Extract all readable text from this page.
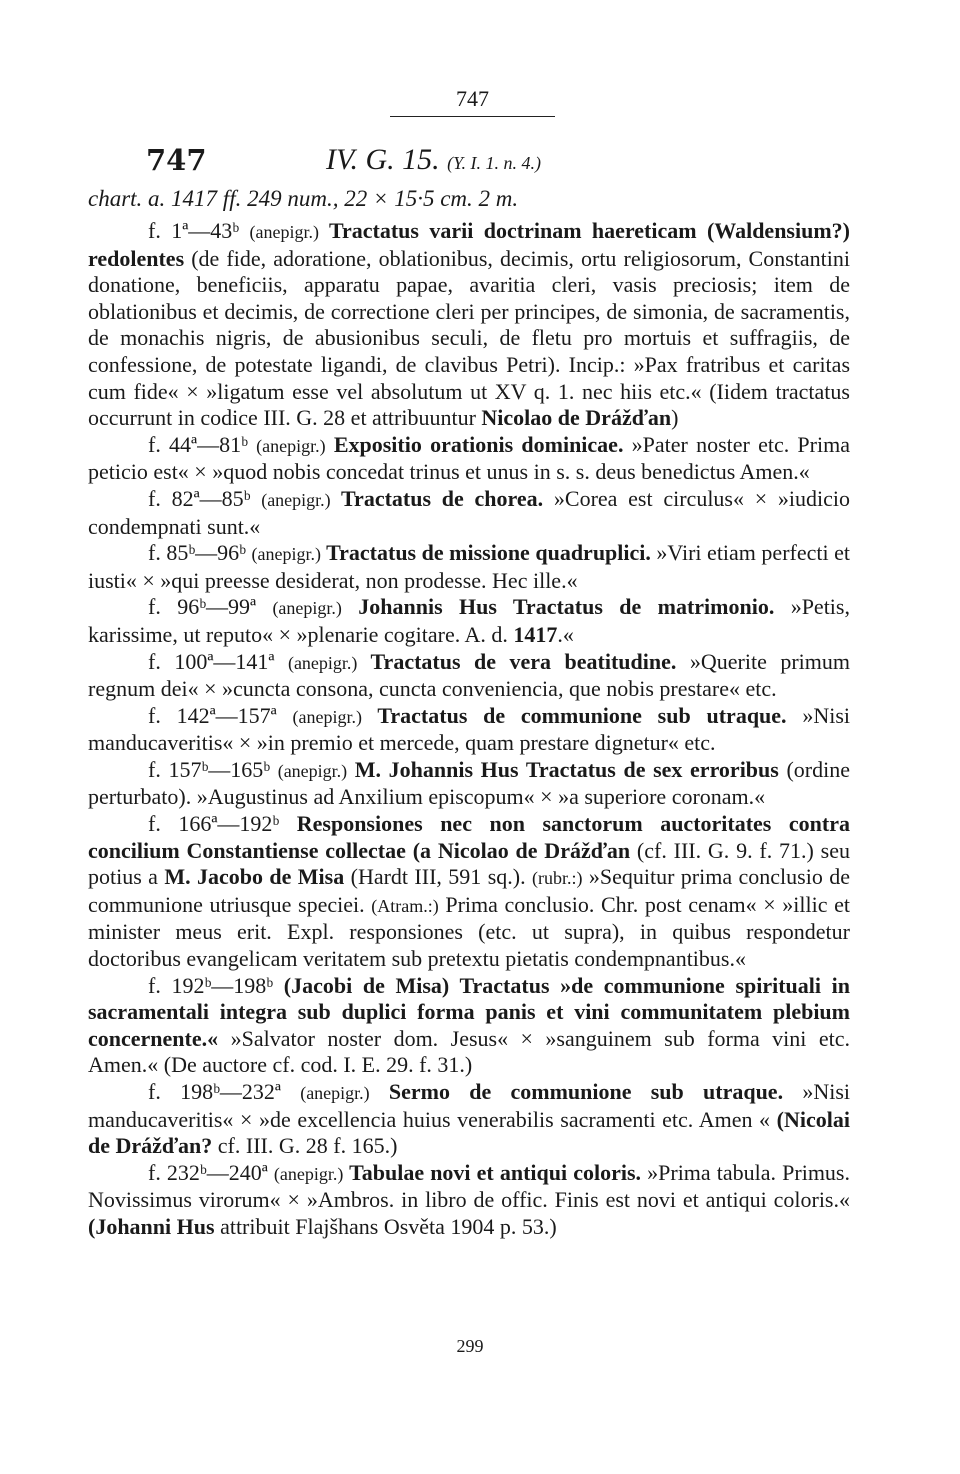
747
747	IV. G. 15. (Y. I. 1. n. 4.)
chart. a. 1417 ff. 249 num., 22 × 15·5 cm. 2 m.

f. 1ª—43ᵇ (anepigr.) Tractatus varii doctrinam haereticam (Waldensium?) redolentes (de fide, adoratione, oblationibus, decimis, ortu religiosorum, Constantini donatione, beneficiis, apparatu papae, avaritia cleri, vasis preciosis; item de oblationibus et decimis, de correctione cleri per principes, de simonia, de sacramentis, de monachis nigris, de abusionibus seculi, de fletu pro mortuis et suffragiis, de confessione, de potestate ligandi, de clavibus Petri). Incip.: »Pax fratribus et caritas cum fide« × »ligatum esse vel absolutum ut XV q. 1. nec hiis etc.« (Iidem tractatus occurrunt in codice III. G. 28 et attribuuntur Nicolao de Drážďan)

f. 44ª—81ᵇ (anepigr.) Expositio orationis dominicae. »Pater noster etc. Prima peticio est« × »quod nobis concedat trinus et unus in s. s. deus benedictus Amen.«

f. 82ª—85ᵇ (anepigr.) Tractatus de chorea. »Corea est circulus« × »iudicio condempnati sunt.«

f. 85ᵇ—96ᵇ (anepigr.) Tractatus de missione quadruplici. »Viri etiam perfecti et iusti« × »qui preesse desiderat, non prodesse. Hec ille.«

f. 96ᵇ—99ª (anepigr.) Johannis Hus Tractatus de matrimonio. »Petis, karissime, ut reputo« × »plenarie cogitare. A. d. 1417.«

f. 100ª—141ª (anepigr.) Tractatus de vera beatitudine. »Querite primum regnum dei« × »cuncta consona, cuncta conveniencia, que nobis prestare« etc.

f. 142ª—157ª (anepigr.) Tractatus de communione sub utraque. »Nisi manducaveritis« × »in premio et mercede, quam prestare dignetur« etc.

f. 157ᵇ—165ᵇ (anepigr.) M. Johannis Hus Tractatus de sex erroribus (ordine perturbato). »Augustinus ad Anxilium episcopum« × »a superiore coronam.«

f. 166ª—192ᵇ Responsiones nec non sanctorum auctoritates contra concilium Constantiense collectae (a Nicolao de Drážďan (cf. III. G. 9. f. 71.) seu potius a M. Jacobo de Misa (Hardt III, 591 sq.). (rubr.:) »Sequitur prima conclusio de communione utriusque speciei. (Atram.:) Prima conclusio. Chr. post cenam« × »illic et minister meus erit. Expl. responsiones (etc. ut supra), in quibus respondetur doctoribus evangelicam veritatem sub pretextu pietatis condempnantibus.«

f. 192ᵇ—198ᵇ (Jacobi de Misa) Tractatus »de communione spirituali in sacramentali integra sub duplici forma panis et vini communitatem plebium concernente.« »Salvator noster dom. Jesus« × »sanguinem sub forma vini etc. Amen.« (De auctore cf. cod. I. E. 29. f. 31.)

f. 198ᵇ—232ª (anepigr.) Sermo de communione sub utraque. »Nisi manducaveritis« × »de excellencia huius venerabilis sacramenti etc. Amen « (Nicolai de Drážďan? cf. III. G. 28 f. 165.)

f. 232ᵇ—240ª (anepigr.) Tabulae novi et antiqui coloris. »Prima tabula. Primus. Novissimus virorum« × »Ambros. in libro de offic. Finis est novi et antiqui coloris.« (Johanni Hus attribuit Flajšhans Osvěta 1904 p. 53.)

299
